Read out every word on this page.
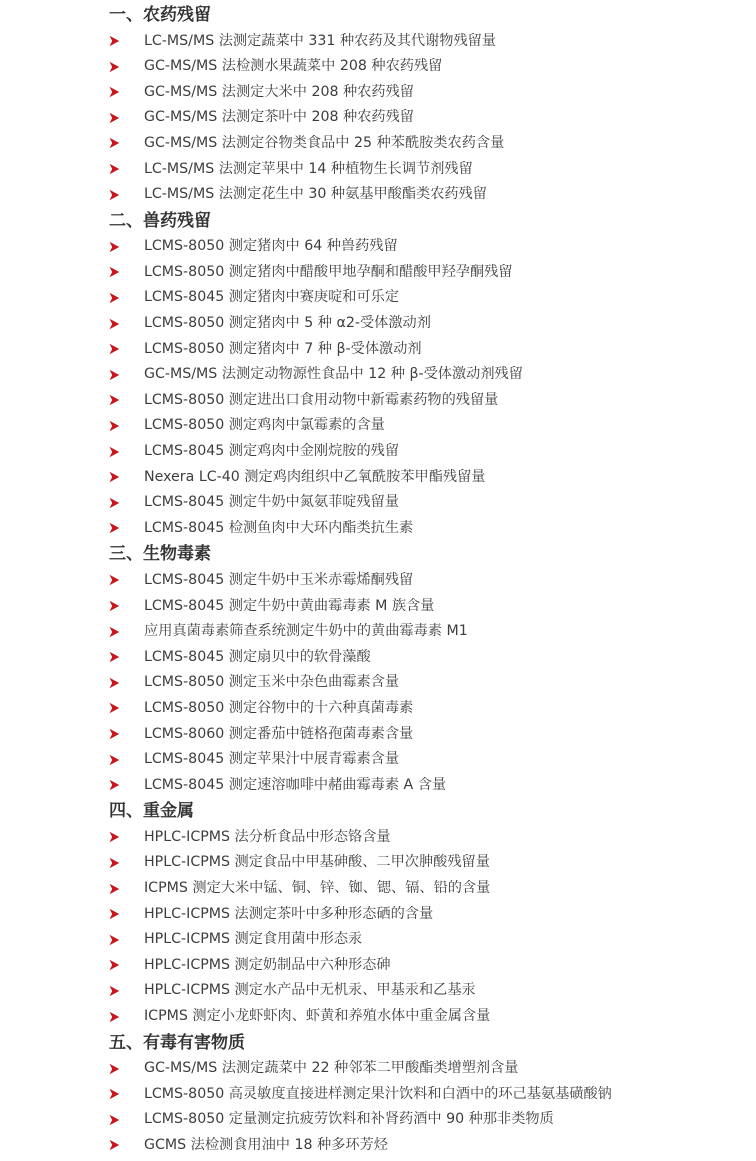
一、农药残留
LC-MS/MS 法测定蔬菜中 331 种农药及其代谢物残留量
GC-MS/MS 法检测水果蔬菜中 208 种农药残留
GC-MS/MS 法测定大米中 208 种农药残留
GC-MS/MS 法测定茶叶中 208 种农药残留
GC-MS/MS 法测定谷物类食品中 25 种苯酰胺类农药含量
LC-MS/MS 法测定苹果中 14 种植物生长调节剂残留
LC-MS/MS 法测定花生中 30 种氨基甲酸酯类农药残留
二、兽药残留
LCMS-8050 测定猪肉中 64 种兽药残留
LCMS-8050 测定猪肉中醋酸甲地孕酮和醋酸甲羟孕酮残留
LCMS-8045 测定猪肉中赛庚啶和可乐定
LCMS-8050 测定猪肉中 5 种 α2-受体激动剂
LCMS-8050 测定猪肉中 7 种 β-受体激动剂
GC-MS/MS 法测定动物源性食品中 12 种 β-受体激动剂残留
LCMS-8050 测定进出口食用动物中新霉素药物的残留量
LCMS-8050 测定鸡肉中氯霉素的含量
LCMS-8045 测定鸡肉中金刚烷胺的残留
Nexera LC-40 测定鸡肉组织中乙氧酰胺苯甲酯残留量
LCMS-8045 测定牛奶中氮氨菲啶残留量
LCMS-8045 检测鱼肉中大环内酯类抗生素
三、生物毒素
LCMS-8045 测定牛奶中玉米赤霉烯酮残留
LCMS-8045 测定牛奶中黄曲霉毒素 M 族含量
应用真菌毒素筛查系统测定牛奶中的黄曲霉毒素 M1
LCMS-8045 测定扇贝中的软骨藻酸
LCMS-8050 测定玉米中杂色曲霉素含量
LCMS-8050 测定谷物中的十六种真菌毒素
LCMS-8060 测定番茄中链格孢菌毒素含量
LCMS-8045 测定苹果汁中展青霉素含量
LCMS-8045 测定速溶咖啡中赭曲霉毒素 A 含量
四、重金属
HPLC-ICPMS 法分析食品中形态铬含量
HPLC-ICPMS 测定食品中甲基砷酸、二甲次胂酸残留量
ICPMS 测定大米中锰、铜、锌、铷、锶、镉、铅的含量
HPLC-ICPMS 法测定茶叶中多种形态硒的含量
HPLC-ICPMS 测定食用菌中形态汞
HPLC-ICPMS 测定奶制品中六种形态砷
HPLC-ICPMS 测定水产品中无机汞、甲基汞和乙基汞
ICPMS 测定小龙虾虾肉、虾黄和养殖水体中重金属含量
五、有毒有害物质
GC-MS/MS 法测定蔬菜中 22 种邻苯二甲酸酯类增塑剂含量
LCMS-8050 高灵敏度直接进样测定果汁饮料和白酒中的环己基氨基磺酸钠
LCMS-8050 定量测定抗疲劳饮料和补肾药酒中 90 种那非类物质
GCMS 法检测食用油中 18 种多环芳烃
